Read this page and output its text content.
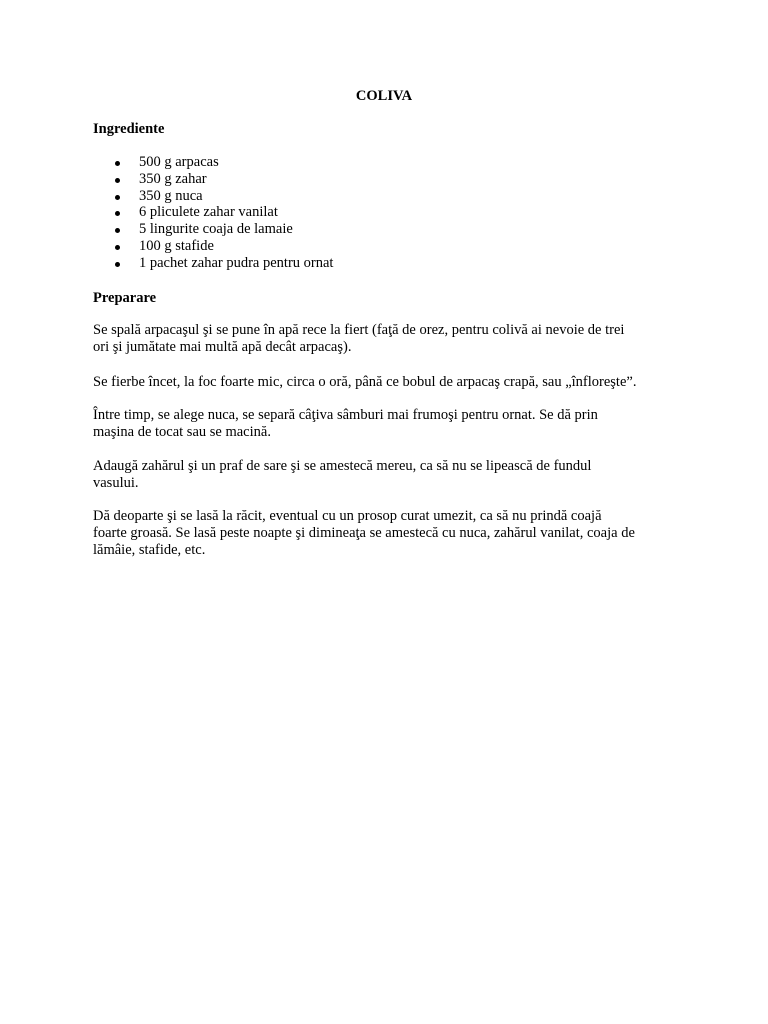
COLIVA
Ingrediente
500 g arpacas
350 g zahar
350 g nuca
6 pliculete zahar vanilat
5 lingurite coaja de lamaie
100 g stafide
1 pachet zahar pudra pentru ornat
Preparare

Se spală arpacaşul şi se pune în apă rece la fiert (faţă de orez, pentru colivă ai nevoie de trei
ori şi jumătate mai multă apă decât arpacaş).

Se fierbe încet, la foc foarte mic, circa o oră, până ce bobul de arpacaş crapă, sau „înfloreşte”.

Între timp, se alege nuca, se separă câţiva sâmburi mai frumoşi pentru ornat. Se dă prin
maşina de tocat sau se macină.

Adaugă zahărul şi un praf de sare şi se amestecă mereu, ca să nu se lipească de fundul
vasului.

Dă deoparte şi se lasă la răcit, eventual cu un prosop curat umezit, ca să nu prindă coajă
foarte groasă. Se lasă peste noapte şi dimineaţa se amestecă cu nuca, zahărul vanilat, coaja de
lămâie, stafide, etc.
